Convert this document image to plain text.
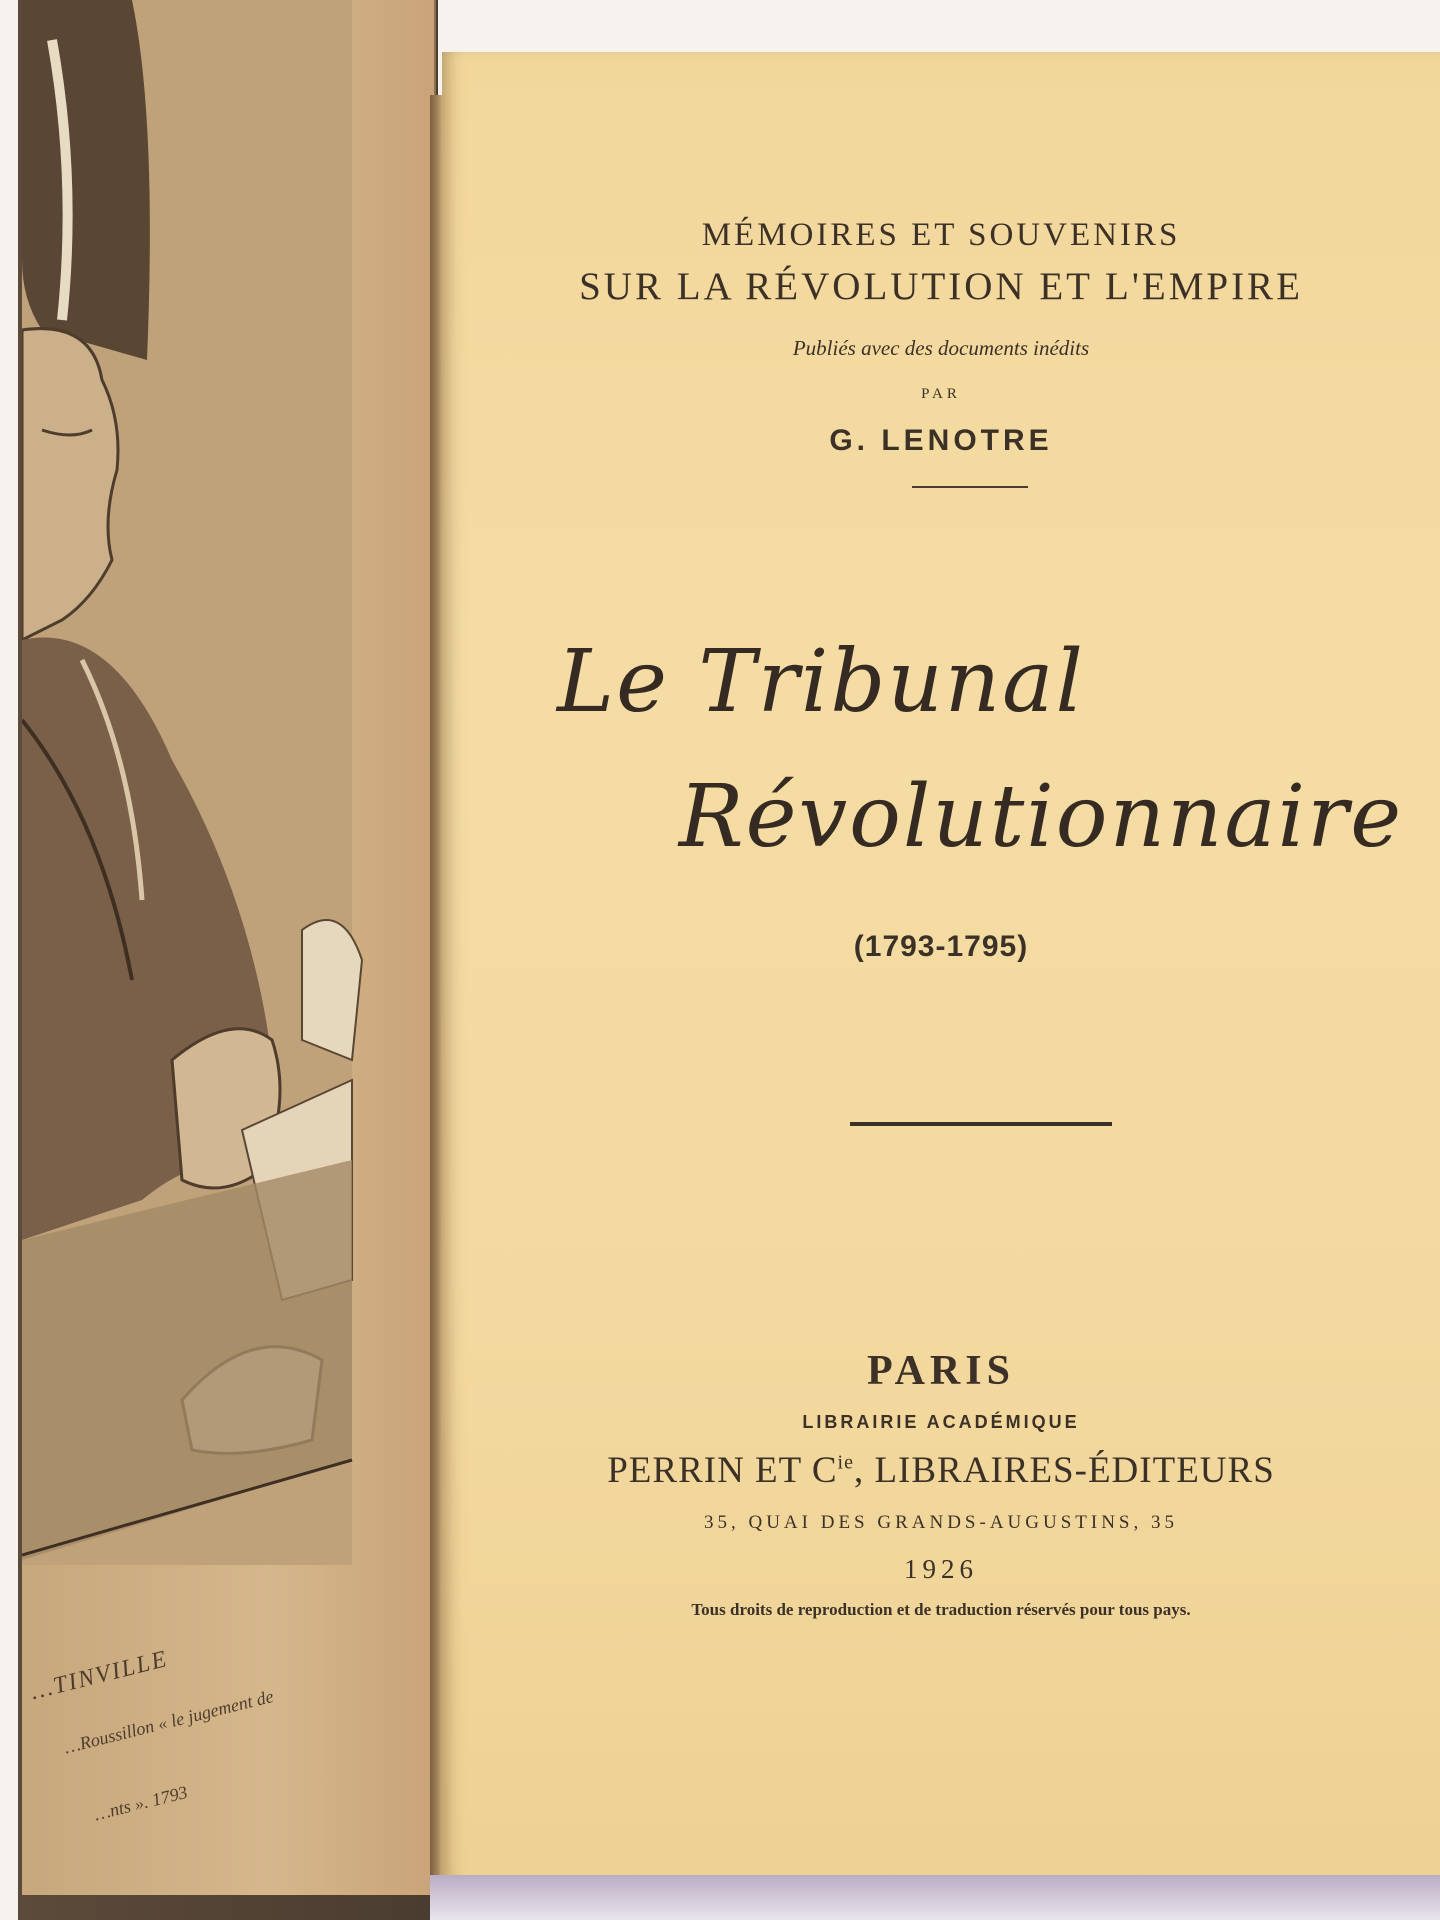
…TINVILLE
…Roussillon « le jugement de
…nts ». 1793
MÉMOIRES ET SOUVENIRS
SUR LA RÉVOLUTION ET L'EMPIRE
Publiés avec des documents inédits
PAR
G. LENOTRE
Le Tribunal
Révolutionnaire
(1793-1795)
PARIS
LIBRAIRIE ACADÉMIQUE
PERRIN ET $C^{ie}$, LIBRAIRES-ÉDITEURS
35, QUAI DES GRANDS-AUGUSTINS, 35
1926
Tous droits de reproduction et de traduction réservés pour tous pays.
